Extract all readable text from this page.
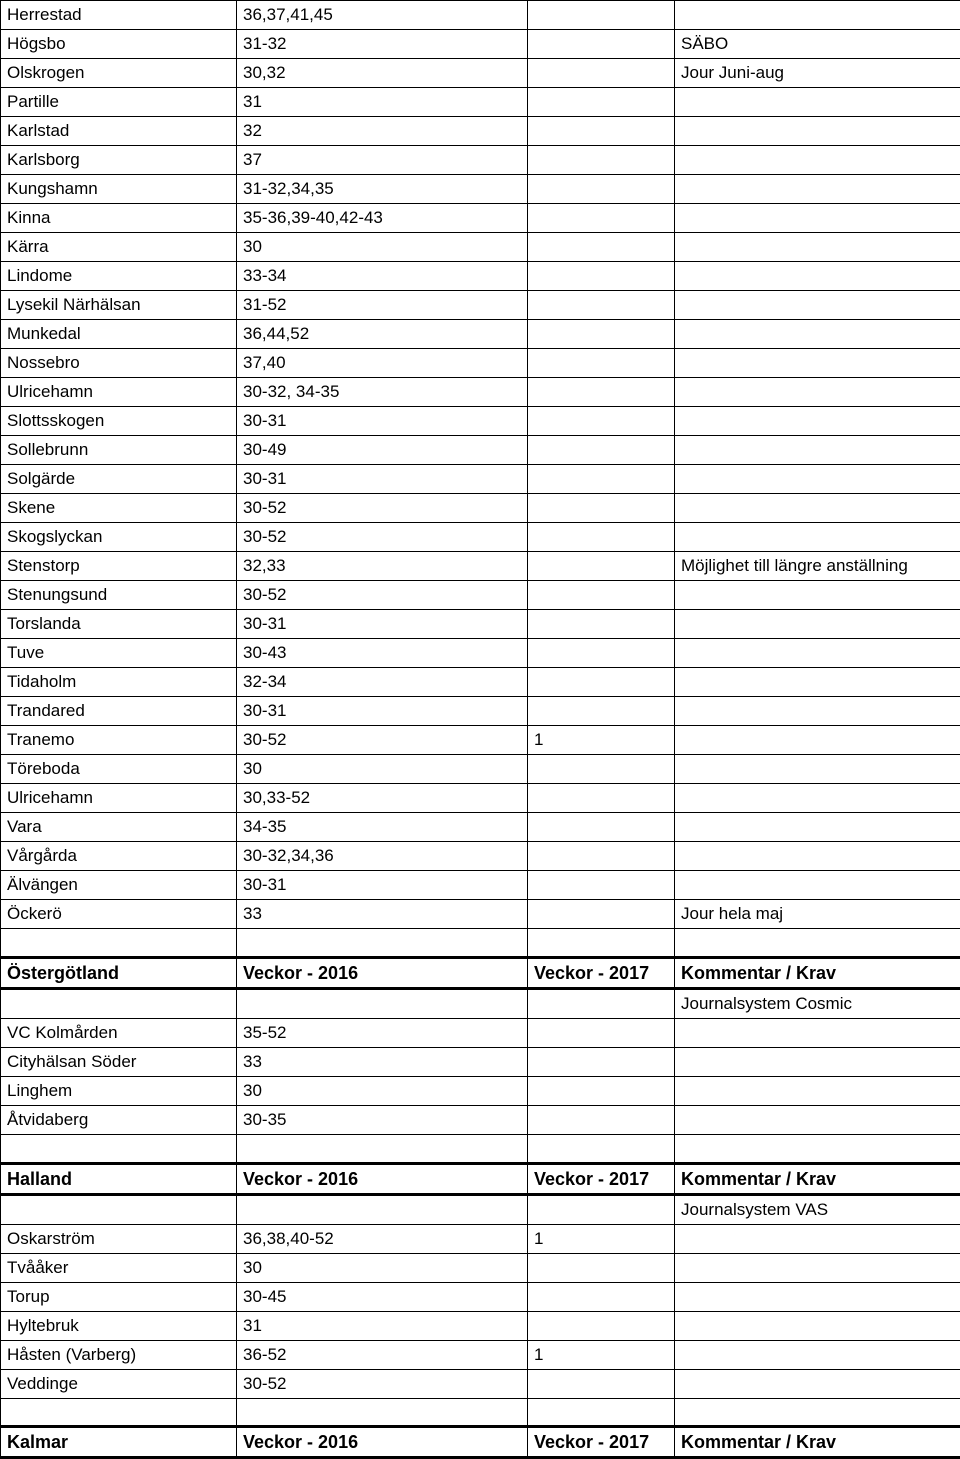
Herrestad	36,37,41,45		
Högsbo	31-32		SÄBO
Olskrogen	30,32		Jour Juni-aug
Partille	31		
Karlstad	32		
Karlsborg	37		
Kungshamn	31-32,34,35		
Kinna	35-36,39-40,42-43		
Kärra	30		
Lindome	33-34		
Lysekil Närhälsan	31-52		
Munkedal	36,44,52		
Nossebro	37,40		
Ulricehamn	30-32, 34-35		
Slottsskogen	30-31		
Sollebrunn	30-49		
Solgärde	30-31		
Skene	30-52		
Skogslyckan	30-52		
Stenstorp	32,33		Möjlighet till längre anställning
Stenungsund	30-52		
Torslanda	30-31		
Tuve	30-43		
Tidaholm	32-34		
Trandared	30-31		
Tranemo	30-52	1	
Töreboda	30		
Ulricehamn	30,33-52		
Vara	34-35		
Vårgårda	30-32,34,36		
Älvängen	30-31		
Öckerö	33		Jour hela maj

Östergötland	Veckor - 2016	Veckor - 2017	Kommentar / Krav
			Journalsystem Cosmic
VC Kolmården	35-52		
Cityhälsan Söder	33		
Linghem	30		
Åtvidaberg	30-35		

Halland	Veckor - 2016	Veckor - 2017	Kommentar / Krav
			Journalsystem VAS
Oskarström	36,38,40-52	1	
Tvååker	30		
Torup	30-45		
Hyltebruk	31		
Håsten (Varberg)	36-52	1	
Veddinge	30-52		

Kalmar	Veckor - 2016	Veckor - 2017	Kommentar / Krav
